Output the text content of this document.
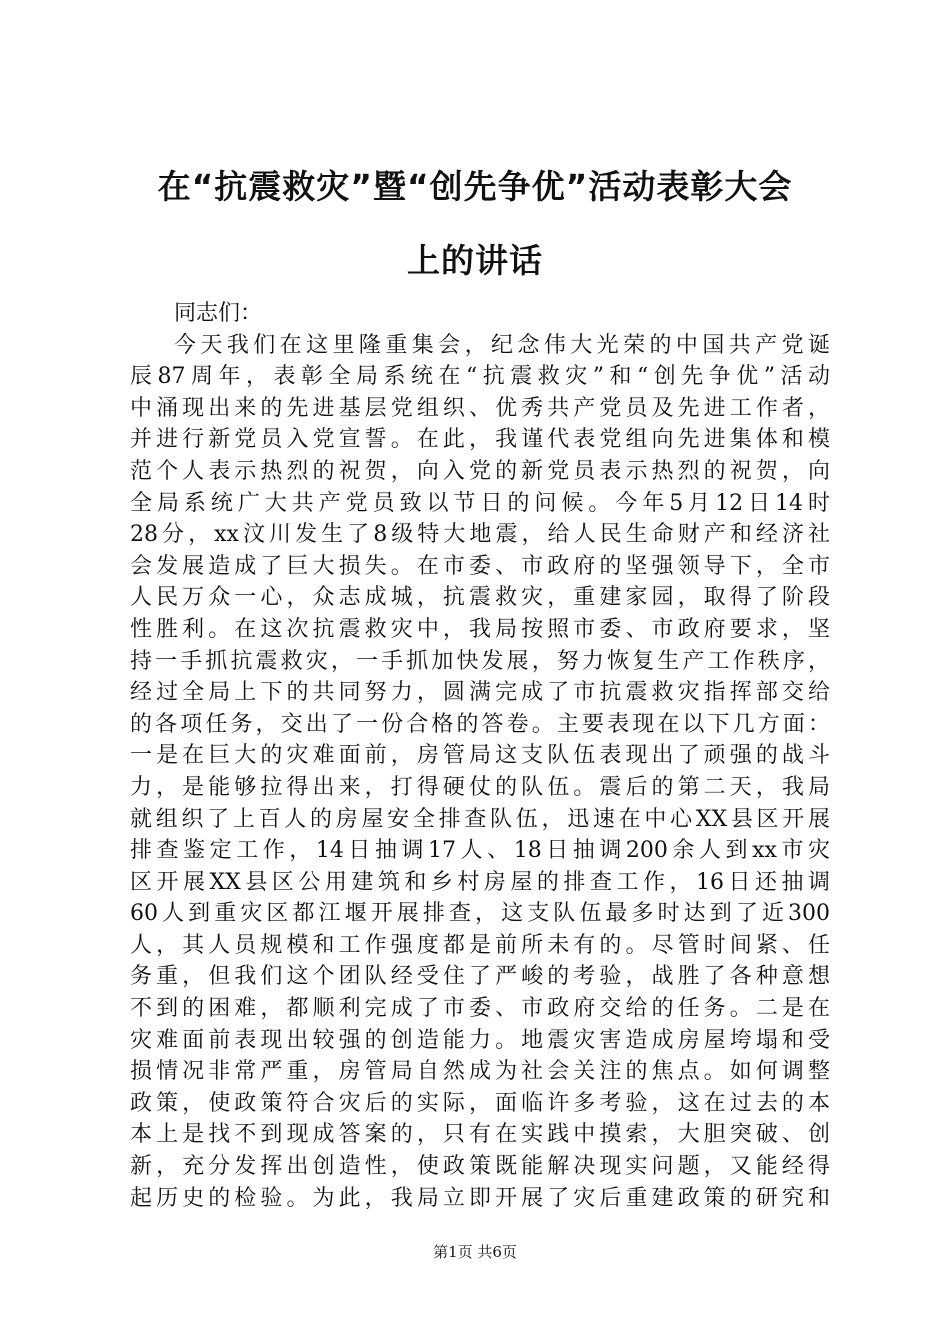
在“抗震救灾”暨“创先争优”活动表彰大会
上的讲话
同志们：
今天我们在这里隆重集会，纪念伟大光荣的中国共产党诞
辰87周年，表彰全局系统在“抗震救灾”和“创先争优”活动
中涌现出来的先进基层党组织、优秀共产党员及先进工作者，
并进行新党员入党宣誓。在此，我谨代表党组向先进集体和模
范个人表示热烈的祝贺，向入党的新党员表示热烈的祝贺，向
全局系统广大共产党员致以节日的问候。今年5月12日14时
28分，xx汶川发生了8级特大地震，给人民生命财产和经济社
会发展造成了巨大损失。在市委、市政府的坚强领导下，全市
人民万众一心，众志成城，抗震救灾，重建家园，取得了阶段
性胜利。在这次抗震救灾中，我局按照市委、市政府要求，坚
持一手抓抗震救灾，一手抓加快发展，努力恢复生产工作秩序，
经过全局上下的共同努力，圆满完成了市抗震救灾指挥部交给
的各项任务，交出了一份合格的答卷。主要表现在以下几方面：
一是在巨大的灾难面前，房管局这支队伍表现出了顽强的战斗
力，是能够拉得出来，打得硬仗的队伍。震后的第二天，我局
就组织了上百人的房屋安全排查队伍，迅速在中心XX县区开展
排查鉴定工作，14日抽调17人、18日抽调200余人到xx市灾
区开展XX县区公用建筑和乡村房屋的排查工作，16日还抽调
60人到重灾区都江堰开展排查，这支队伍最多时达到了近300
人，其人员规模和工作强度都是前所未有的。尽管时间紧、任
务重，但我们这个团队经受住了严峻的考验，战胜了各种意想
不到的困难，都顺利完成了市委、市政府交给的任务。二是在
灾难面前表现出较强的创造能力。地震灾害造成房屋垮塌和受
损情况非常严重，房管局自然成为社会关注的焦点。如何调整
政策，使政策符合灾后的实际，面临许多考验，这在过去的本
本上是找不到现成答案的，只有在实践中摸索，大胆突破、创
新，充分发挥出创造性，使政策既能解决现实问题，又能经得
起历史的检验。为此，我局立即开展了灾后重建政策的研究和
第1页 共6页
